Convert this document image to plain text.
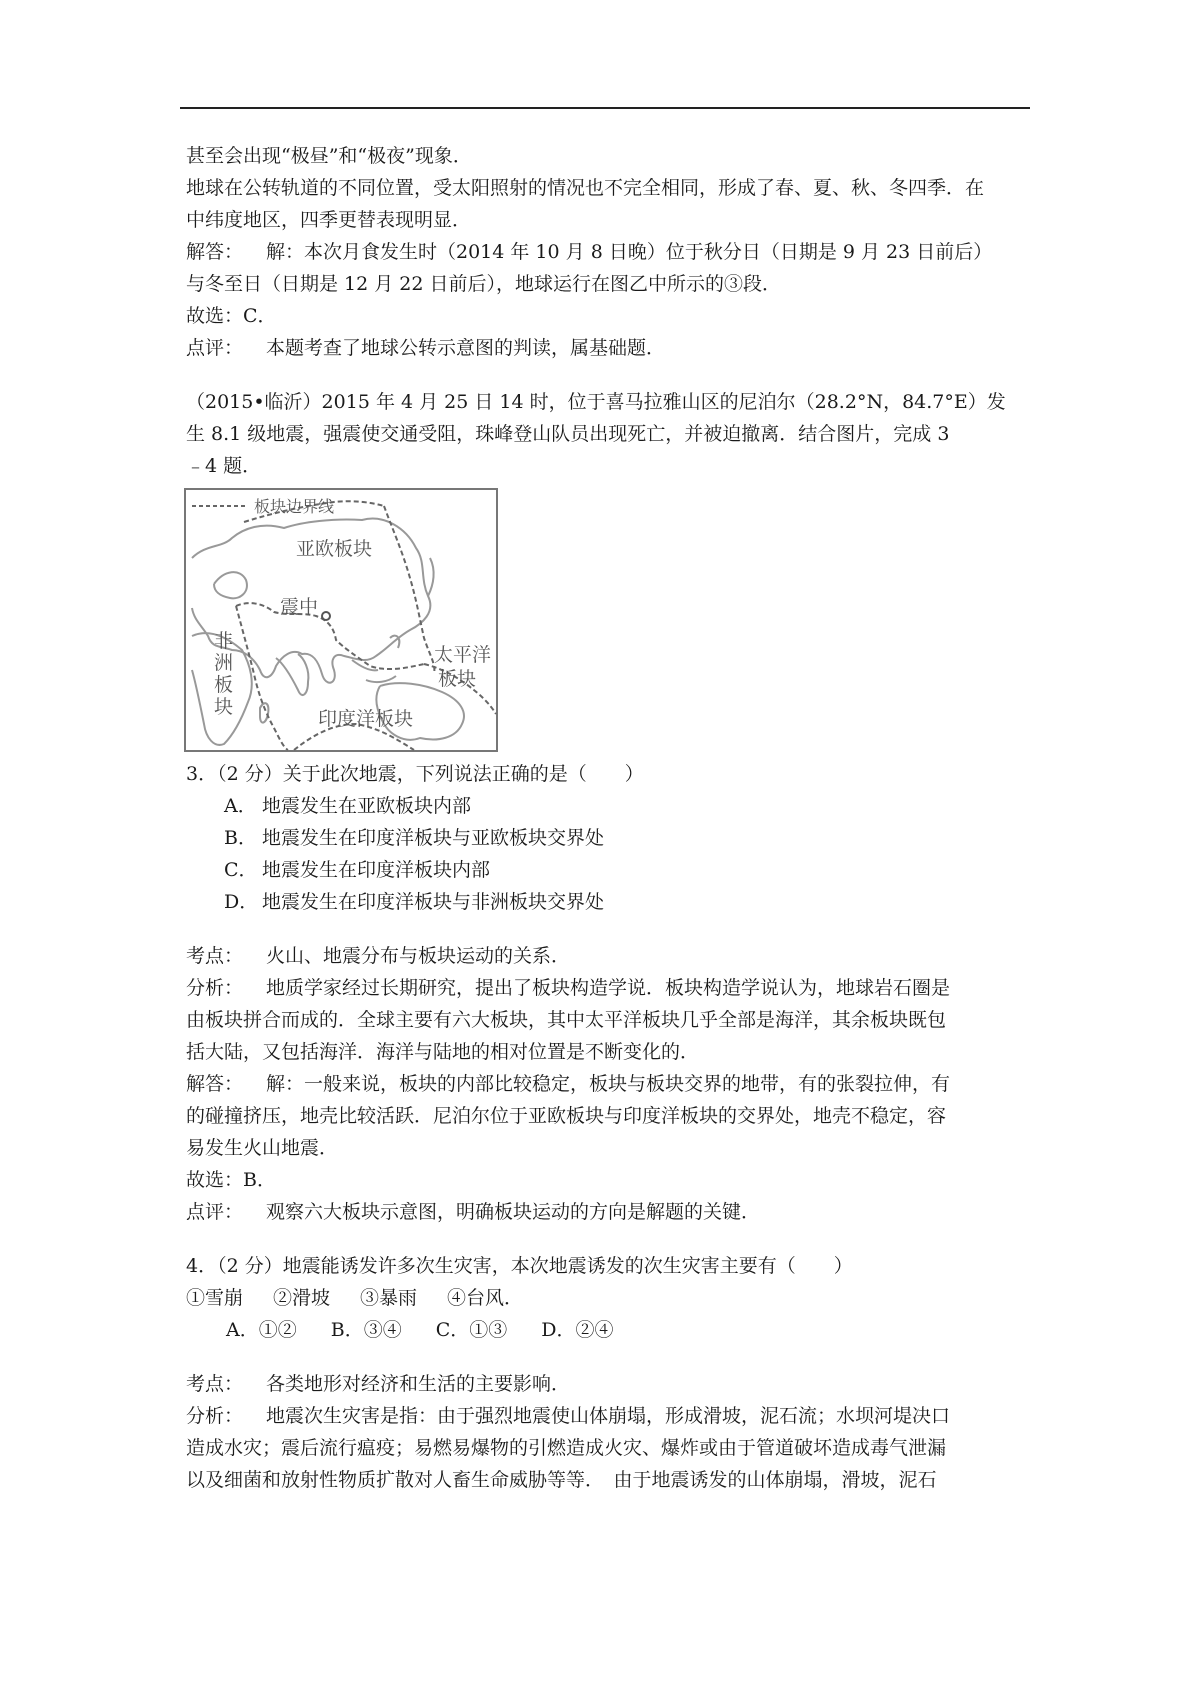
甚至会出现“极昼”和“极夜”现象．
地球在公转轨道的不同位置，受太阳照射的情况也不完全相同，形成了春、夏、秋、冬四季．在
中纬度地区，四季更替表现明显．
解答： 解：本次月食发生时（2014 年 10 月 8 日晚）位于秋分日（日期是 9 月 23 日前后）
与冬至日（日期是 12 月 22 日前后），地球运行在图乙中所示的③段．
故选：C．
点评： 本题考查了地球公转示意图的判读，属基础题．
（2015•临沂）2015 年 4 月 25 日 14 时，位于喜马拉雅山区的尼泊尔（28.2°N，84.7°E）发
生 8.1 级地震，强震使交通受阻，珠峰登山队员出现死亡，并被迫撤离．结合图片，完成 3
﹣4 题．
板块边界线
亚欧板块
震中
非
洲
板
块
太平洋
板块
印度洋板块
3．（2 分）关于此次地震，下列说法正确的是（　　）
A． 地震发生在亚欧板块内部
B． 地震发生在印度洋板块与亚欧板块交界处
C． 地震发生在印度洋板块内部
D． 地震发生在印度洋板块与非洲板块交界处
考点： 火山、地震分布与板块运动的关系．
分析： 地质学家经过长期研究，提出了板块构造学说．板块构造学说认为，地球岩石圈是
由板块拼合而成的．全球主要有六大板块，其中太平洋板块几乎全部是海洋，其余板块既包
括大陆，又包括海洋．海洋与陆地的相对位置是不断变化的．
解答： 解：一般来说，板块的内部比较稳定，板块与板块交界的地带，有的张裂拉伸，有
的碰撞挤压，地壳比较活跃．尼泊尔位于亚欧板块与印度洋板块的交界处，地壳不稳定，容
易发生火山地震．
故选：B．
点评： 观察六大板块示意图，明确板块运动的方向是解题的关键．
4．（2 分）地震能诱发许多次生灾害，本次地震诱发的次生灾害主要有（　　）
①雪崩 ②滑坡 ③暴雨 ④台风．
A．①② B．③④ C．①③ D．②④
考点： 各类地形对经济和生活的主要影响．
分析： 地震次生灾害是指：由于强烈地震使山体崩塌，形成滑坡，泥石流；水坝河堤决口
造成水灾；震后流行瘟疫；易燃易爆物的引燃造成火灾、爆炸或由于管道破坏造成毒气泄漏
以及细菌和放射性物质扩散对人畜生命威胁等等．　由于地震诱发的山体崩塌，滑坡，泥石
